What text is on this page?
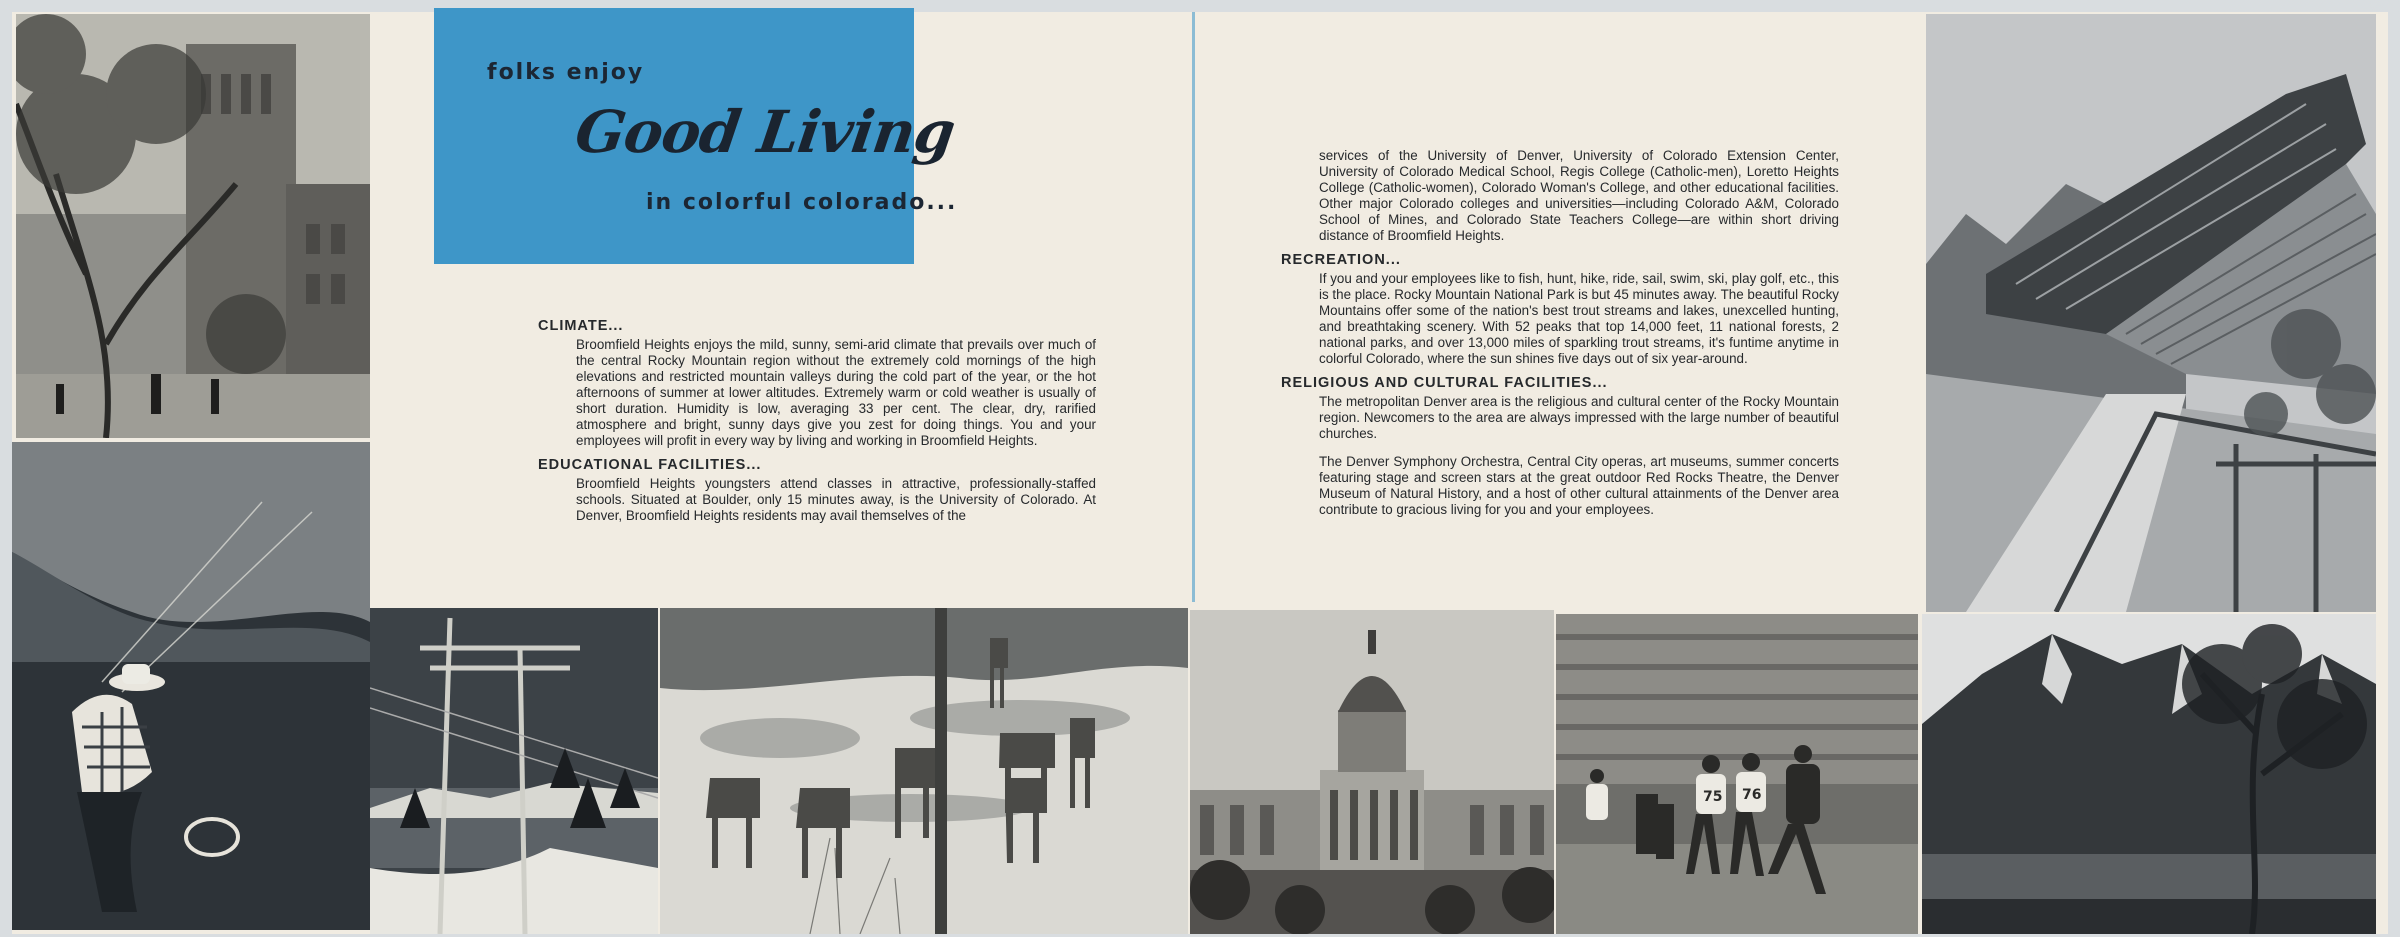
75 76
folks enjoy
Good Living
in colorful colorado...
CLIMATE...
Broomfield Heights enjoys the mild, sunny, semi-arid climate that prevails over much of the central Rocky Mountain region without the extremely cold mornings of the high elevations and restricted mountain valleys during the cold part of the year, or the hot afternoons of summer at lower altitudes. Extremely warm or cold weather is usually of short duration. Humidity is low, averaging 33 per cent. The clear, dry, rarified atmosphere and bright, sunny days give you zest for doing things. You and your employees will profit in every way by living and working in Broomfield Heights.
EDUCATIONAL FACILITIES...
Broomfield Heights youngsters attend classes in attractive, professionally-staffed schools. Situated at Boulder, only 15 minutes away, is the University of Colorado. At Denver, Broomfield Heights residents may avail themselves of the
services of the University of Denver, University of Colorado Extension Center, University of Colorado Medical School, Regis College (Catholic-men), Loretto Heights College (Catholic-women), Colorado Woman's College, and other educational facilities. Other major Colorado colleges and universities—including Colorado A&M, Colorado School of Mines, and Colorado State Teachers College—are within short driving distance of Broomfield Heights.
RECREATION...
If you and your employees like to fish, hunt, hike, ride, sail, swim, ski, play golf, etc., this is the place. Rocky Mountain National Park is but 45 minutes away. The beautiful Rocky Mountains offer some of the nation's best trout streams and lakes, unexcelled hunting, and breathtaking scenery. With 52 peaks that top 14,000 feet, 11 national forests, 2 national parks, and over 13,000 miles of sparkling trout streams, it's funtime anytime in colorful Colorado, where the sun shines five days out of six year-around.
RELIGIOUS AND CULTURAL FACILITIES...
The metropolitan Denver area is the religious and cultural center of the Rocky Mountain region. Newcomers to the area are always impressed with the large number of beautiful churches.
The Denver Symphony Orchestra, Central City operas, art museums, summer concerts featuring stage and screen stars at the great outdoor Red Rocks Theatre, the Denver Museum of Natural History, and a host of other cultural attainments of the Denver area contribute to gracious living for you and your employees.
